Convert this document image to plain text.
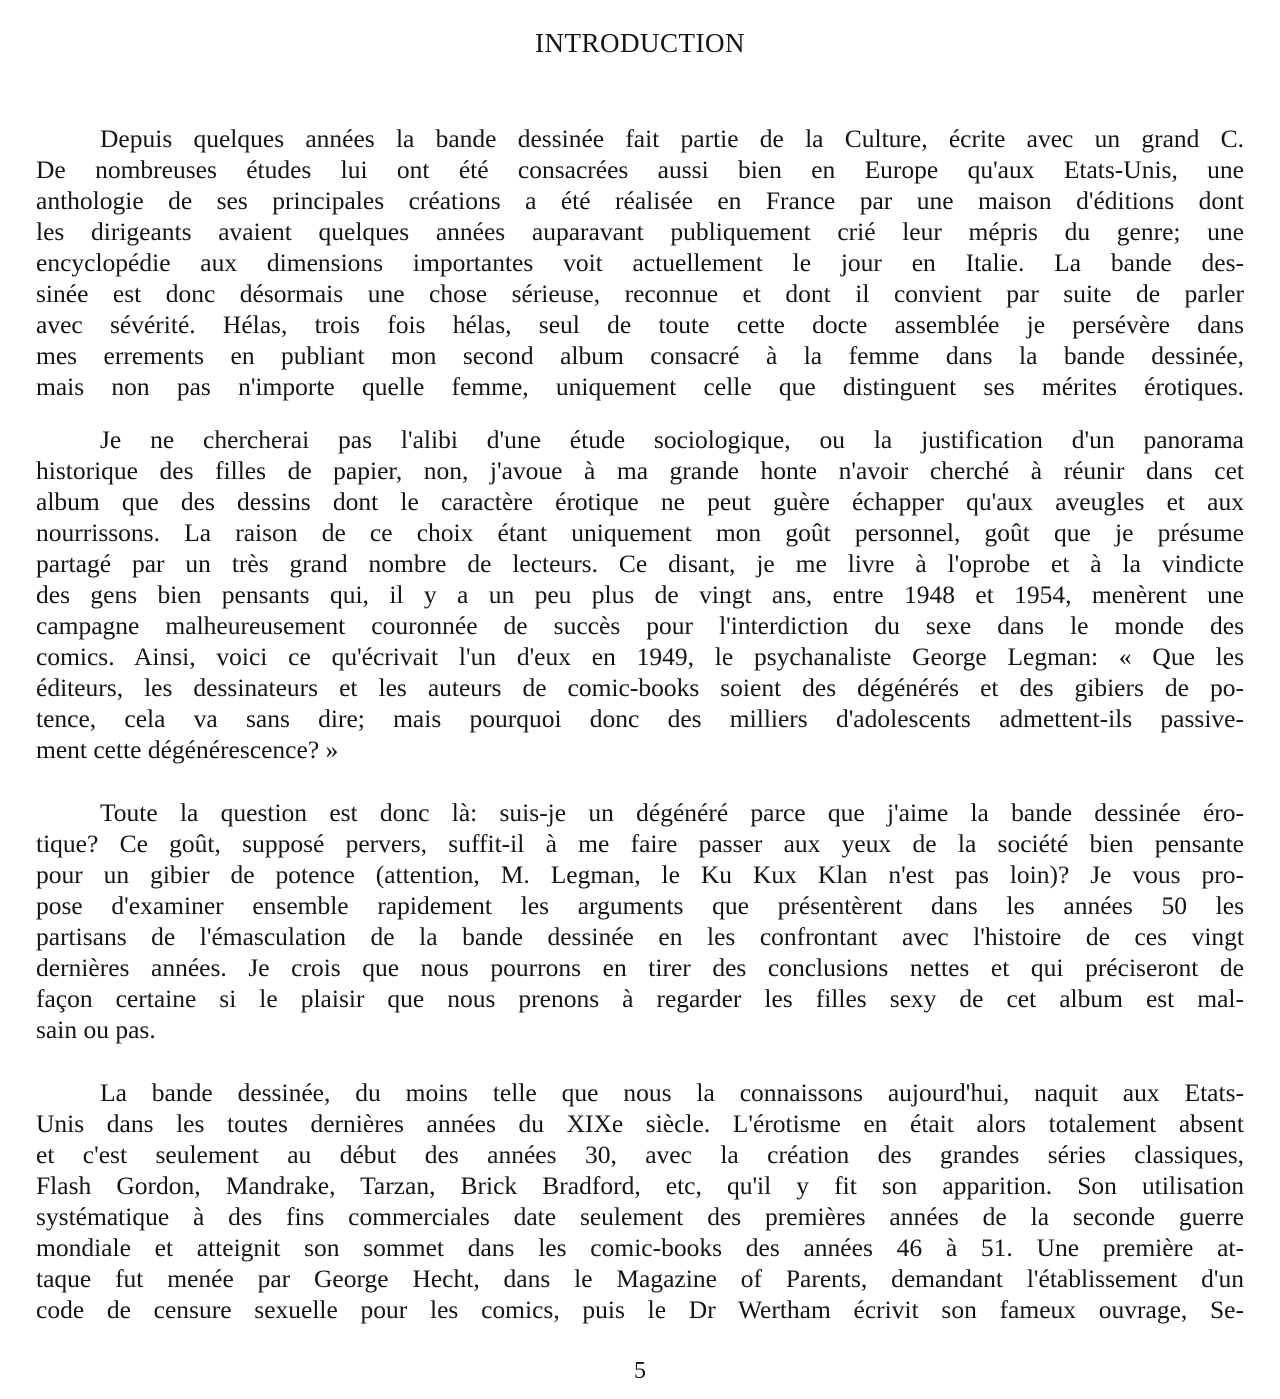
INTRODUCTION
Depuis quelques années la bande dessinée fait partie de la Culture, écrite avec un grand C.
De nombreuses études lui ont été consacrées aussi bien en Europe qu'aux Etats-Unis, une
anthologie de ses principales créations a été réalisée en France par une maison d'éditions dont
les dirigeants avaient quelques années auparavant publiquement crié leur mépris du genre; une
encyclopédie aux dimensions importantes voit actuellement le jour en Italie. La bande des-
sinée est donc désormais une chose sérieuse, reconnue et dont il convient par suite de parler
avec sévérité. Hélas, trois fois hélas, seul de toute cette docte assemblée je persévère dans
mes errements en publiant mon second album consacré à la femme dans la bande dessinée,
mais non pas n'importe quelle femme, uniquement celle que distinguent ses mérites érotiques.
Je ne chercherai pas l'alibi d'une étude sociologique, ou la justification d'un panorama
historique des filles de papier, non, j'avoue à ma grande honte n'avoir cherché à réunir dans cet
album que des dessins dont le caractère érotique ne peut guère échapper qu'aux aveugles et aux
nourrissons. La raison de ce choix étant uniquement mon goût personnel, goût que je présume
partagé par un très grand nombre de lecteurs. Ce disant, je me livre à l'oprobe et à la vindicte
des gens bien pensants qui, il y a un peu plus de vingt ans, entre 1948 et 1954, menèrent une
campagne malheureusement couronnée de succès pour l'interdiction du sexe dans le monde des
comics. Ainsi, voici ce qu'écrivait l'un d'eux en 1949, le psychanaliste George Legman: « Que les
éditeurs, les dessinateurs et les auteurs de comic-books soient des dégénérés et des gibiers de po-
tence, cela va sans dire; mais pourquoi donc des milliers d'adolescents admettent-ils passive-
ment cette dégénérescence? »
Toute la question est donc là: suis-je un dégénéré parce que j'aime la bande dessinée éro-
tique? Ce goût, supposé pervers, suffit-il à me faire passer aux yeux de la société bien pensante
pour un gibier de potence (attention, M. Legman, le Ku Kux Klan n'est pas loin)? Je vous pro-
pose d'examiner ensemble rapidement les arguments que présentèrent dans les années 50 les
partisans de l'émasculation de la bande dessinée en les confrontant avec l'histoire de ces vingt
dernières années. Je crois que nous pourrons en tirer des conclusions nettes et qui préciseront de
façon certaine si le plaisir que nous prenons à regarder les filles sexy de cet album est mal-
sain ou pas.
La bande dessinée, du moins telle que nous la connaissons aujourd'hui, naquit aux Etats-
Unis dans les toutes dernières années du XIXe siècle. L'érotisme en était alors totalement absent
et c'est seulement au début des années 30, avec la création des grandes séries classiques,
Flash Gordon, Mandrake, Tarzan, Brick Bradford, etc, qu'il y fit son apparition. Son utilisation
systématique à des fins commerciales date seulement des premières années de la seconde guerre
mondiale et atteignit son sommet dans les comic-books des années 46 à 51. Une première at-
taque fut menée par George Hecht, dans le Magazine of Parents, demandant l'établissement d'un
code de censure sexuelle pour les comics, puis le Dr Wertham écrivit son fameux ouvrage, Se-
5
